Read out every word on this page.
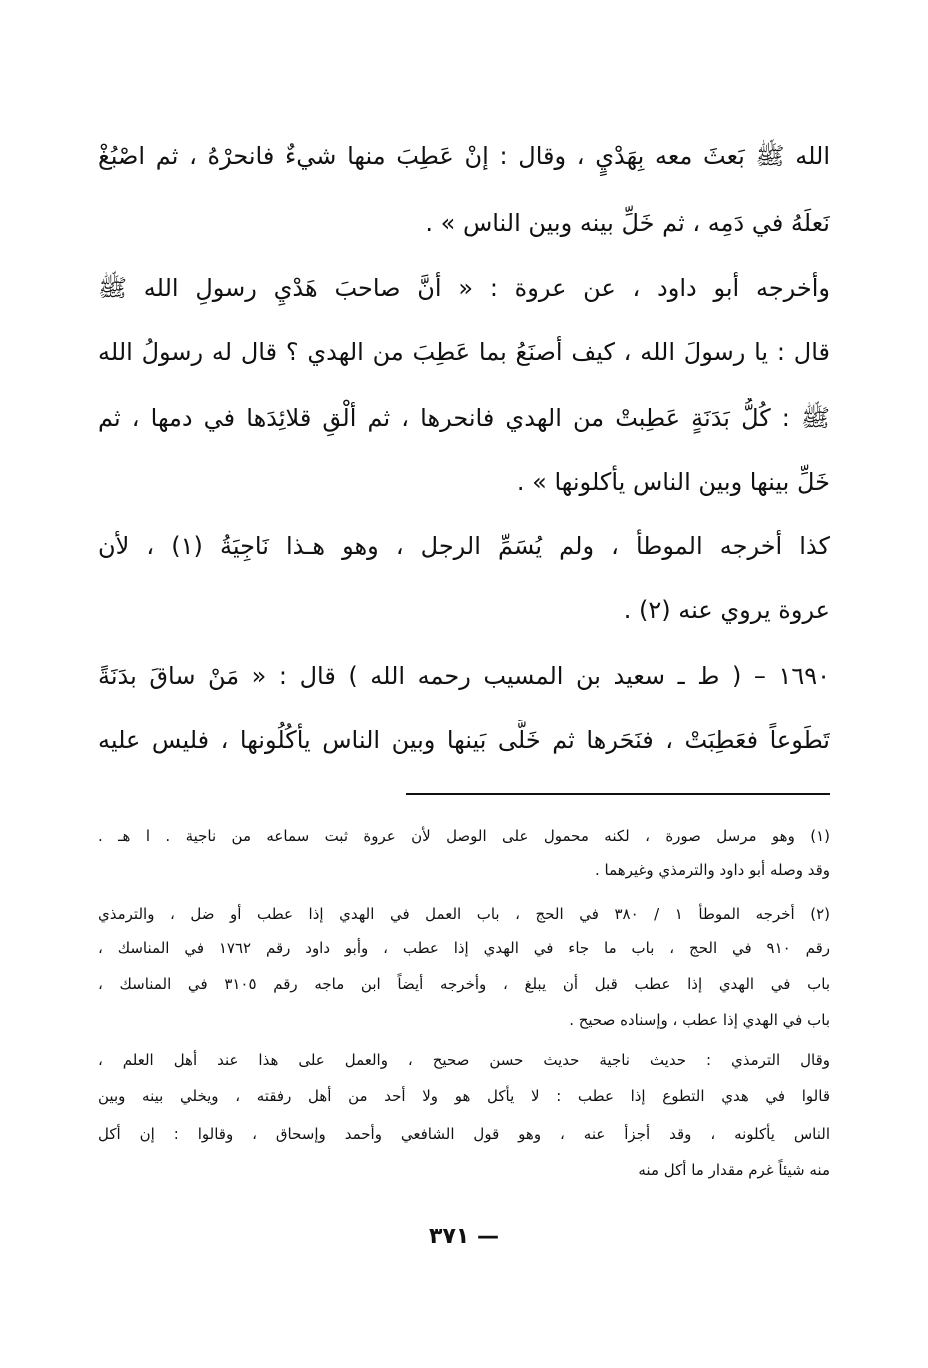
الله ﷺ بَعثَ معه بِهَدْيٍ ، وقال : إنْ عَطِبَ منها شيءٌ فانحرْهُ ، ثم اصْبُغْ
نَعلَهُ في دَمِه ، ثم خَلِّ بينه وبين الناس » .
وأخرجه أبو داود ، عن عروة : « أنَّ صاحبَ هَدْيِ رسولِ الله ﷺ
قال : يا رسولَ الله ، كيف أصنَعُ بما عَطِبَ من الهدي ؟ قال له رسولُ الله
ﷺ : كُلُّ بَدَنَةٍ عَطِبتْ من الهدي فانحرها ، ثم ألْقِ قلائِدَها في دمها ، ثم
خَلِّ بينها وبين الناس يأكلونها » .
كذا أخرجه الموطأ ، ولم يُسَمِّ الرجل ، وهو هـذا نَاجِيَةُ (١) ، لأن
عروة يروي عنه (٢) .
١٦٩٠ – ( ط ـ سعيد بن المسيب رحمه الله ) قال : « مَنْ ساقَ بدَنَةً
تَطَوعاً فعَطِبَتْ ، فنَحَرها ثم خَلَّى بَينها وبين الناس يأكُلُونها ، فليس عليه
(١) وهو مرسل صورة ، لكنه محمول على الوصل لأن عروة ثبت سماعه من ناجية . ا هـ .
وقد وصله أبو داود والترمذي وغيرهما .
(٢) أخرجه الموطأ ١ / ٣٨٠ في الحج ، باب العمل في الهدي إذا عطب أو ضل ، والترمذي
رقم ٩١٠ في الحج ، باب ما جاء في الهدي إذا عطب ، وأبو داود رقم ١٧٦٢ في المناسك ،
باب في الهدي إذا عطب قبل أن يبلغ ، وأخرجه أيضاً ابن ماجه رقم ٣١٠٥ في المناسك ،
باب في الهدي إذا عطب ، وإسناده صحيح .
وقال الترمذي : حديث ناجية حديث حسن صحيح ، والعمل على هذا عند أهل العلم ،
قالوا في هدي التطوع إذا عطب : لا يأكل هو ولا أحد من أهل رفقته ، ويخلي بينه وبين
الناس يأكلونه ، وقد أجزأ عنه ، وهو قول الشافعي وأحمد وإسحاق ، وقالوا : إن أكل
منه شيئاً غرم مقدار ما أكل منه
— ٣٧١
